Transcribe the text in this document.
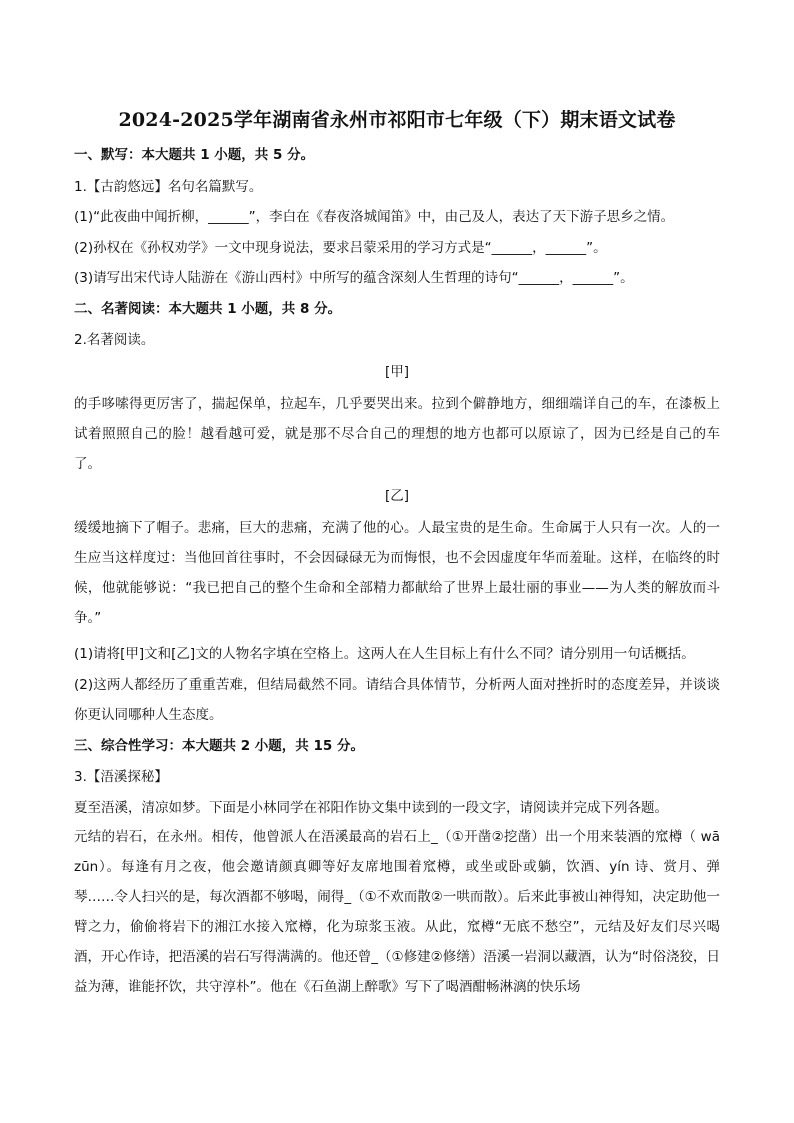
2024-2025学年湖南省永州市祁阳市七年级（下）期末语文试卷
一、默写：本大题共 1 小题，共 5 分。
1.【古韵悠远】名句名篇默写。
(1)“此夜曲中闻折柳，______”，李白在《春夜洛城闻笛》中，由己及人，表达了天下游子思乡之情。
(2)孙权在《孙权劝学》一文中现身说法，要求吕蒙采用的学习方式是“______，______”。
(3)请写出宋代诗人陆游在《游山西村》中所写的蕴含深刻人生哲理的诗句“______，______”。
二、名著阅读：本大题共 1 小题，共 8 分。
2.名著阅读。
[甲]
的手哆嗦得更厉害了，揣起保单，拉起车，几乎要哭出来。拉到个僻静地方，细细端详自己的车，在漆板上试着照照自己的脸！越看越可爱，就是那不尽合自己的理想的地方也都可以原谅了，因为已经是自己的车了。
[乙]
缓缓地摘下了帽子。悲痛，巨大的悲痛，充满了他的心。人最宝贵的是生命。生命属于人只有一次。人的一生应当这样度过：当他回首往事时，不会因碌碌无为而悔恨，也不会因虚度年华而羞耻。这样，在临终的时候，他就能够说：“我已把自己的整个生命和全部精力都献给了世界上最壮丽的事业——为人类的解放而斗争。”
(1)请将[甲]文和[乙]文的人物名字填在空格上。这两人在人生目标上有什么不同？请分别用一句话概括。
(2)这两人都经历了重重苦难，但结局截然不同。请结合具体情节，分析两人面对挫折时的态度差异，并谈谈你更认同哪种人生态度。
三、综合性学习：本大题共 2 小题，共 15 分。
3.【浯溪探秘】
夏至浯溪，清凉如梦。下面是小林同学在祁阳作协文集中读到的一段文字，请阅读并完成下列各题。
元结的岩石，在永州。相传，他曾派人在浯溪最高的岩石上_（①开凿②挖凿）出一个用来装酒的窊樽（ wā zūn）。每逢有月之夜，他会邀请颜真卿等好友席地围着窊樽，或坐或卧或躺，饮酒、yín 诗、赏月、弹琴……令人扫兴的是，每次酒都不够喝，闹得_（①不欢而散②一哄而散）。后来此事被山神得知，决定助他一臂之力，偷偷将岩下的湘江水接入窊樽，化为琼浆玉液。从此，窊樽“无底不愁空”，元结及好友们尽兴喝酒，开心作诗，把浯溪的岩石写得满满的。他还曾_（①修建②修缮）浯溪一岩洞以藏酒，认为“时俗浇狡，日益为薄，谁能抔饮，共守淳朴”。他在《石鱼湖上醉歌》写下了喝酒酣畅淋漓的快乐场
